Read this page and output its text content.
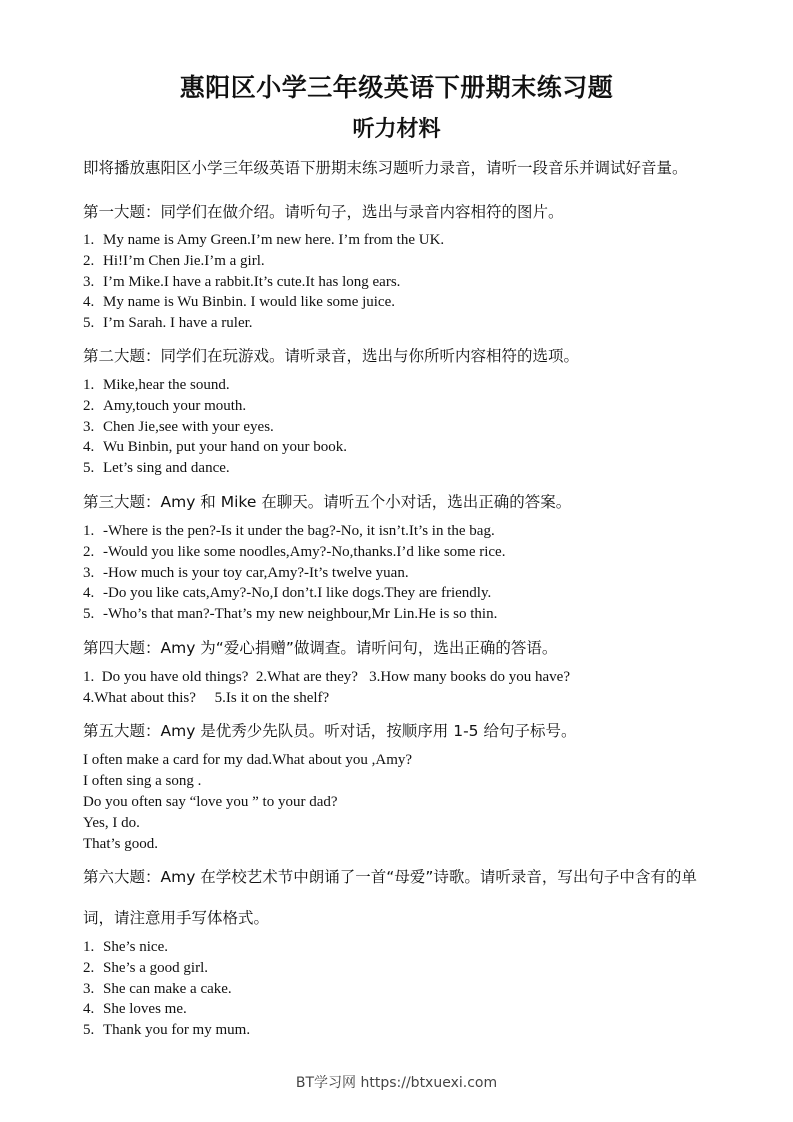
惠阳区小学三年级英语下册期末练习题
听力材料
即将播放惠阳区小学三年级英语下册期末练习题听力录音，请听一段音乐并调试好音量。
第一大题：同学们在做介绍。请听句子，选出与录音内容相符的图片。
1. My name is Amy Green.I’m new here. I’m from the UK.
2. Hi!I’m Chen Jie.I’m a girl.
3. I’m Mike.I have a rabbit.It’s cute.It has long ears.
4. My name is Wu Binbin. I would like some juice.
5. I’m Sarah. I have a ruler.
第二大题：同学们在玩游戏。请听录音，选出与你所听内容相符的选项。
1. Mike,hear the sound.
2. Amy,touch your mouth.
3. Chen Jie,see with your eyes.
4. Wu Binbin, put your hand on your book.
5. Let’s sing and dance.
第三大题：Amy 和 Mike 在聊天。请听五个小对话，选出正确的答案。
1. -Where is the pen?-Is it under the bag?-No, it isn’t.It’s in the bag.
2. -Would you like some noodles,Amy?-No,thanks.I’d like some rice.
3. -How much is your toy car,Amy?-It’s twelve yuan.
4. -Do you like cats,Amy?-No,I don’t.I like dogs.They are friendly.
5. -Who’s that man?-That’s my new neighbour,Mr Lin.He is so thin.
第四大题：Amy 为“爱心捐赠”做调查。请听问句，选出正确的答语。
1.  Do you have old things?  2.What are they?   3.How many books do you have?
4.What about this?     5.Is it on the shelf?
第五大题：Amy 是优秀少先队员。听对话，按顺序用 1-5 给句子标号。
I often make a card for my dad.What about you ,Amy?
I often sing a song .
Do you often say “love you ” to your dad?
Yes, I do.
That’s good.
第六大题：Amy 在学校艺术节中朗诵了一首“母爱”诗歌。请听录音，写出句子中含有的单
词，请注意用手写体格式。
1. She’s nice.
2. She’s a good girl.
3. She can make a cake.
4. She loves me.
5. Thank you for my mum.
BT学习网 https://btxuexi.com
